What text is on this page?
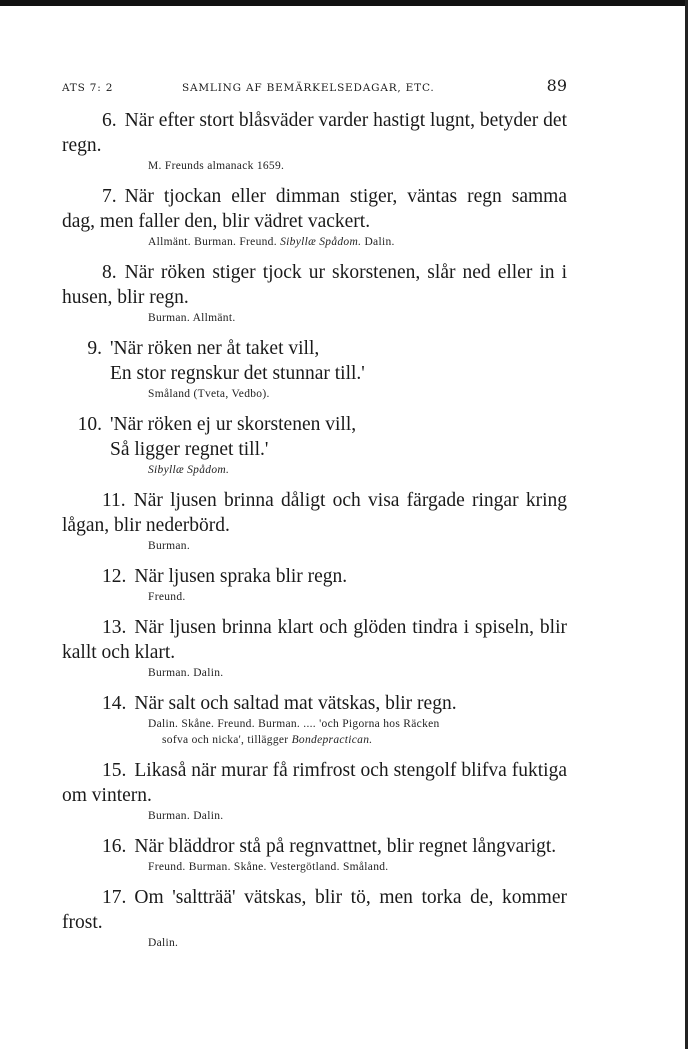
ATS 7: 2	SAMLING AF BEMÄRKELSEDAGAR, ETC.	89
6. När efter stort blåsväder varder hastigt lugnt, betyder det regn.
M. Freunds almanack 1659.
7. När tjockan eller dimman stiger, väntas regn samma dag, men faller den, blir vädret vackert.
Allmänt. Burman. Freund. Sibyllæ Spådom. Dalin.
8. När röken stiger tjock ur skorstenen, slår ned eller in i husen, blir regn.
Burman. Allmänt.
9. 'När röken ner åt taket vill,
En stor regnskur det stunnar till.'
Småland (Tveta, Vedbo).
10. 'När röken ej ur skorstenen vill,
Så ligger regnet till.'
Sibyllæ Spådom.
11. När ljusen brinna dåligt och visa färgade ringar kring lågan, blir nederbörd.
Burman.
12. När ljusen spraka blir regn.
Freund.
13. När ljusen brinna klart och glöden tindra i spiseln, blir kallt och klart.
Burman. Dalin.
14. När salt och saltad mat vätskas, blir regn.
Dalin. Skåne. Freund. Burman. .... 'och Pigorna hos Räcken
sofva och nicka', tillägger Bondepractican.
15. Likaså när murar få rimfrost och stengolf blifva fuktiga om vintern.
Burman. Dalin.
16. När bläddror stå på regnvattnet, blir regnet långvarigt.
Freund. Burman. Skåne. Vestergötland. Småland.
17. Om 'saltträä' vätskas, blir tö, men torka de, kommer frost.
Dalin.
